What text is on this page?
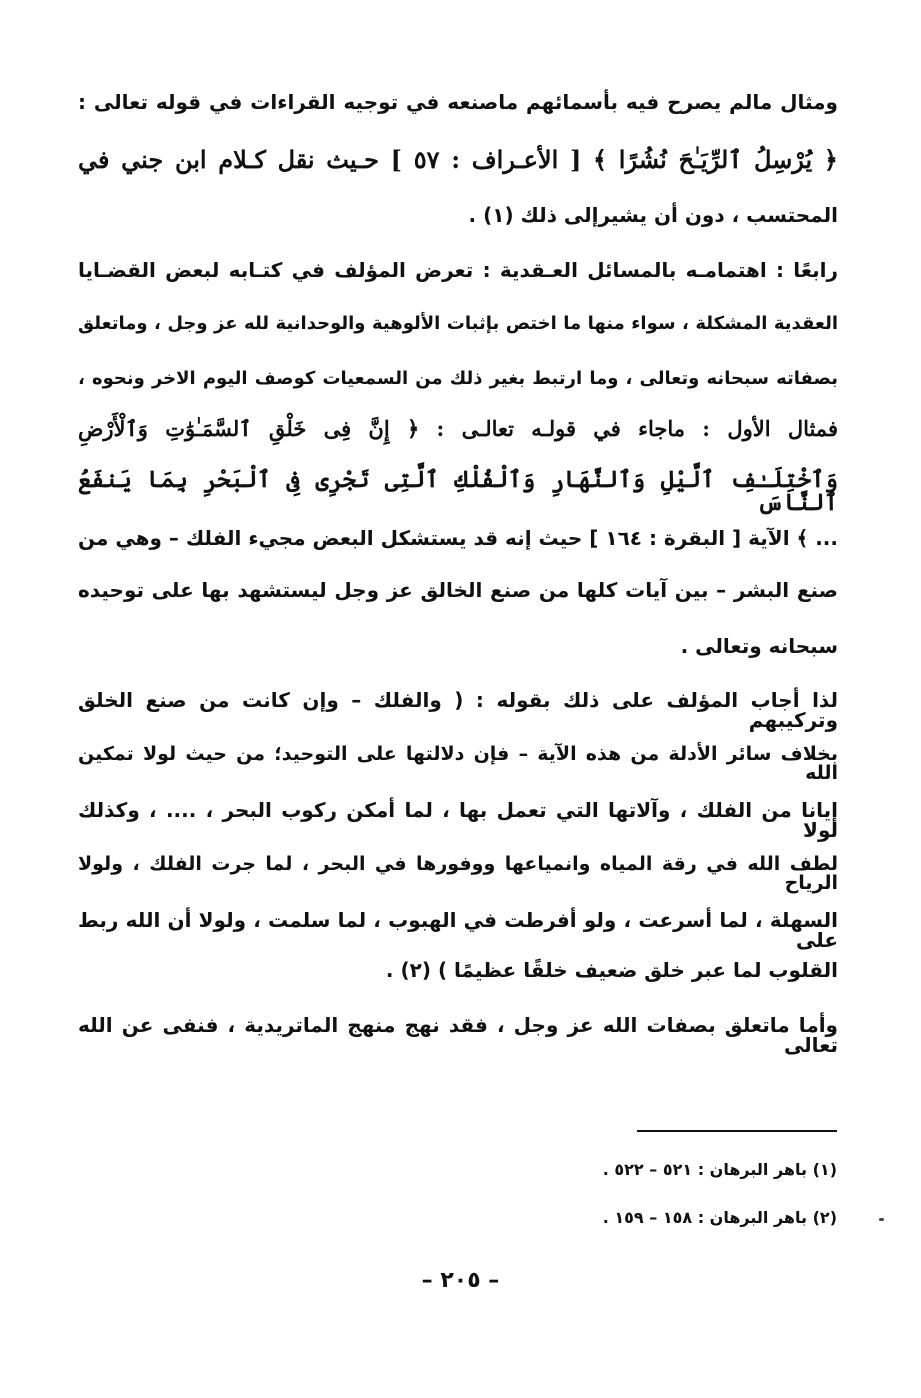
ومثال مالم يصرح فيه بأسمائهم ماصنعه في توجيه القراءات في قوله تعالى :
﴿ يُرْسِلُ ٱلرِّيَـٰحَ نُشُرًا ﴾ [ الأعـراف : ٥٧ ] حـيث نقل كـلام ابن جني في
المحتسب ، دون أن يشيرإلى ذلك (١) .
رابعًا : اهتمامـه بالمسائل العـقدية : تعرض المؤلف في كتـابه لبعض القضـايا
العقدية المشكلة ، سواء منها ما اختص بإثبات الألوهية والوحدانية لله عز وجل ، وماتعلق
بصفاته سبحانه وتعالى ، وما ارتبط بغير ذلك من السمعيات كوصف اليوم الاخر ونحوه ،
فمثال الأول : ماجاء في قولـه تعالـى : ﴿ إِنَّ فِى خَلْقِ ٱلسَّمَـٰوَٰتِ وَٱلْأَرْضِ
وَٱخْتِلَـٰفِ ٱلَّيْلِ وَٱلنَّهَارِ وَٱلْفُلْكِ ٱلَّتِى تَجْرِى فِى ٱلْبَحْرِ بِمَا يَنفَعُ ٱلنَّاسَ
... ﴾ الآية [ البقرة : ١٦٤ ] حيث إنه قد يستشكل البعض مجيء الفلك – وهي من
صنع البشر – بين آيات كلها من صنع الخالق عز وجل ليستشهد بها على توحيده
سبحانه وتعالى .
لذا أجاب المؤلف على ذلك بقوله : ( والفلك – وإن كانت من صنع الخلق وتركيبهم
بخلاف سائر الأدلة من هذه الآية – فإن دلالتها على التوحيد؛ من حيث لولا تمكين الله
إيانا من الفلك ، وآلاتها التي تعمل بها ، لما أمكن ركوب البحر ، .... ، وكذلك لولا
لطف الله في رقة المياه وانمياعها ووفورها في البحر ، لما جرت الفلك ، ولولا الرياح
السهلة ، لما أسرعت ، ولو أفرطت في الهبوب ، لما سلمت ، ولولا أن الله ربط على
القلوب لما عبر خلق ضعيف خلقًا عظيمًا ) (٢) .
وأما ماتعلق بصفات الله عز وجل ، فقد نهج منهج الماتريدية ، فنفى عن الله تعالى
(١) باهر البرهان : ٥٢١ – ٥٢٢ .
(٢) باهر البرهان : ١٥٨ – ١٥٩ .
– ٢٠٥ –
